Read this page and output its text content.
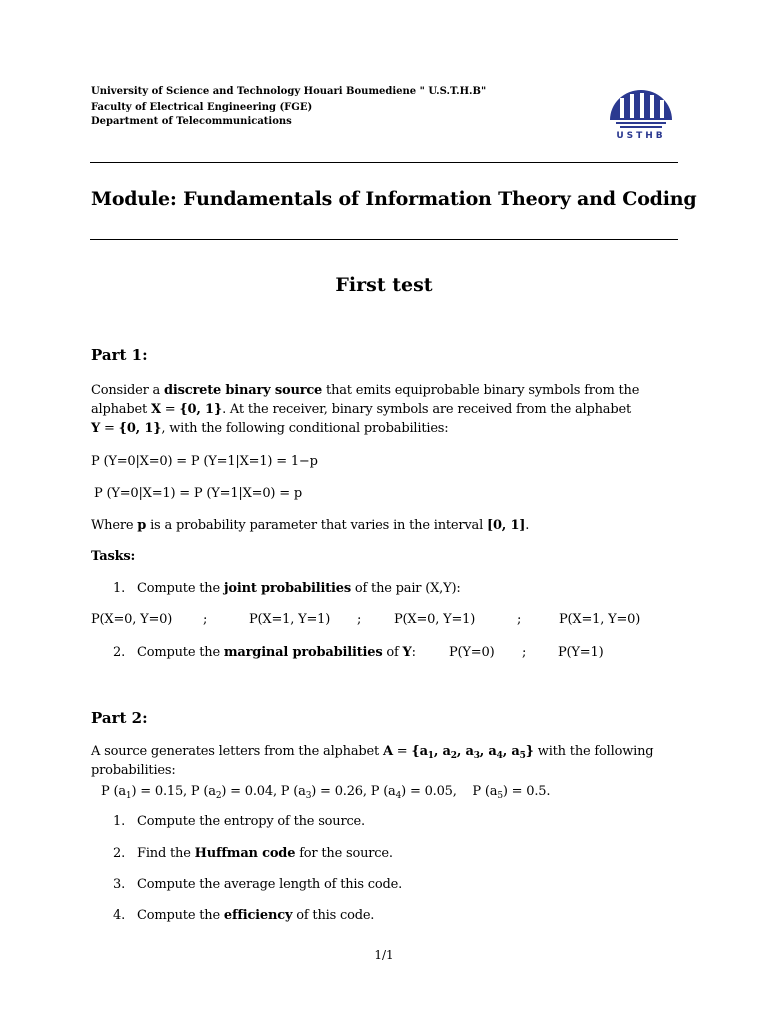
University of Science and Technology Houari Boumediene " U.S.T.H.B"
Faculty of Electrical Engineering (FGE)
Department of Telecommunications
USTHB
Module: Fundamentals of Information Theory and Coding
First test
Part 1:
Consider a discrete binary source that emits equiprobable binary symbols from the
alphabet X = {0, 1}. At the receiver, binary symbols are received from the alphabet
Y = {0, 1}, with the following conditional probabilities:
P (Y=0|X=0) = P (Y=1|X=1) = 1−p
P (Y=0|X=1) = P (Y=1|X=0) = p
Where p is a probability parameter that varies in the interval [0, 1].
Tasks:
1. Compute the joint probabilities of the pair (X,Y):
P(X=0, Y=0) ;	P(X=1, Y=1) ;	P(X=0, Y=1)	;	P(X=1, Y=0)
2. Compute the marginal probabilities of Y:	P(Y=0) ; P(Y=1)
Part 2:
A source generates letters from the alphabet $A = \{a_1$, $a_2$, $a_3$, $a_4$, $a_5$} with the following
probabilities:
P $(a_1) = 0.15$, P $(a_2) = 0.04$, P $(a_3) = 0.26$, P $(a_4) = 0.05$,    P $(a_5) = 0.5$.
1. Compute the entropy of the source.
2. Find the Huffman code for the source.
3. Compute the average length of this code.
4. Compute the efficiency of this code.
1/1
